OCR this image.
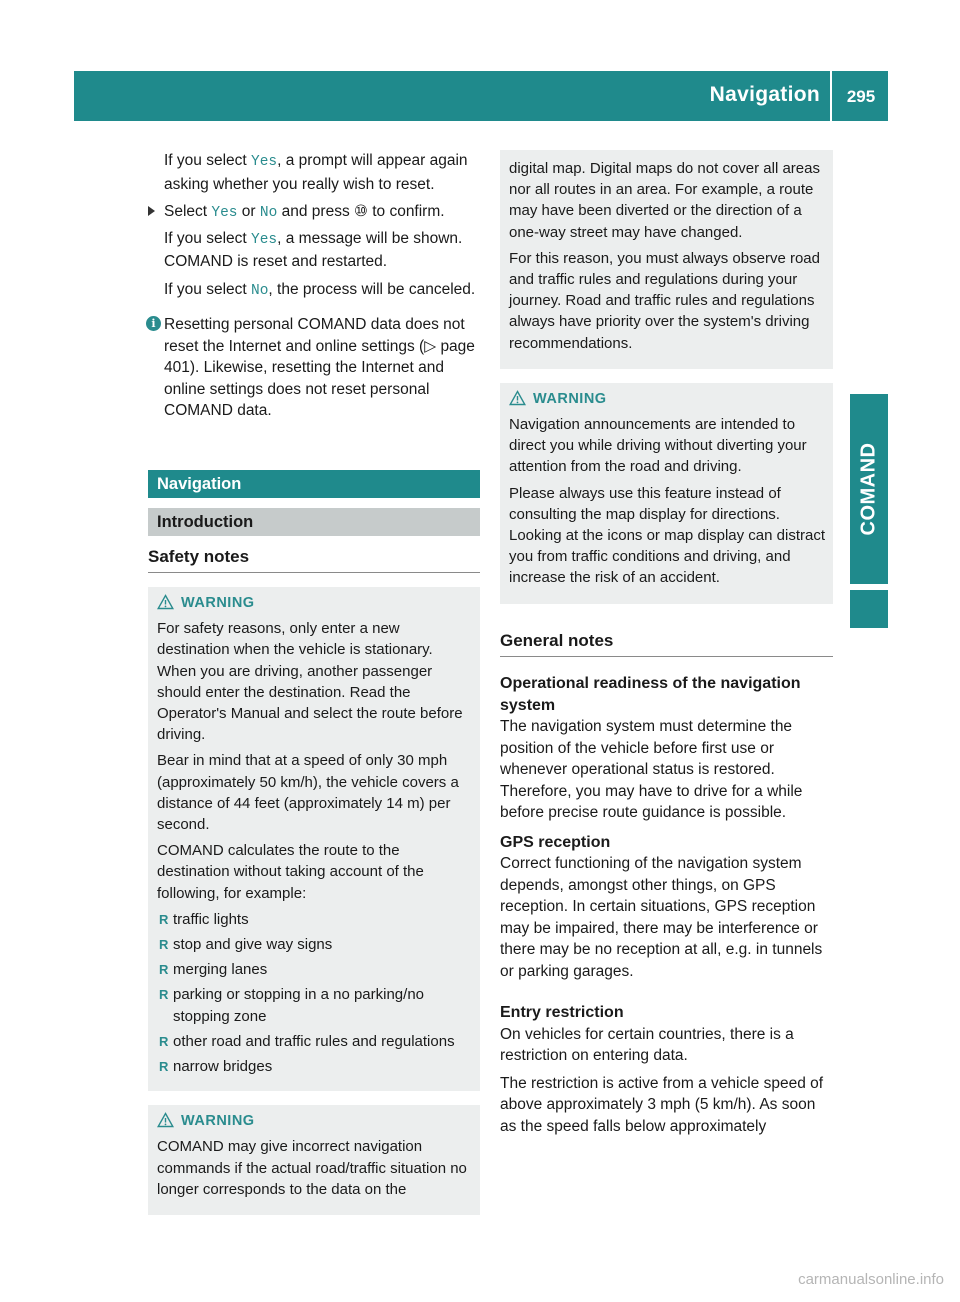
Navigation	295
COMAND

If you select Yes, a prompt will appear again asking whether you really wish to reset.

Select Yes or No and press ⑩ to confirm.

If you select Yes, a message will be shown. COMAND is reset and restarted.

If you select No, the process will be canceled.

i Resetting personal COMAND data does not reset the Internet and online settings (▷ page 401). Likewise, resetting the Internet and online settings does not reset personal COMAND data.

Navigation
Introduction
Safety notes
WARNING

For safety reasons, only enter a new destination when the vehicle is stationary. When you are driving, another passenger should enter the destination. Read the Operator's Manual and select the route before driving.

Bear in mind that at a speed of only 30 mph (approximately 50 km/h), the vehicle covers a distance of 44 feet (approximately 14 m) per second.

COMAND calculates the route to the destination without taking account of the following, for example:

R traffic lights
R stop and give way signs
R merging lanes
R parking or stopping in a no parking/no stopping zone
R other road and traffic rules and regulations
R narrow bridges
WARNING

COMAND may give incorrect navigation commands if the actual road/traffic situation no longer corresponds to the data on the

digital map. Digital maps do not cover all areas nor all routes in an area. For example, a route may have been diverted or the direction of a one-way street may have changed.

For this reason, you must always observe road and traffic rules and regulations during your journey. Road and traffic rules and regulations always have priority over the system's driving recommendations.

WARNING

Navigation announcements are intended to direct you while driving without diverting your attention from the road and driving.

Please always use this feature instead of consulting the map display for directions. Looking at the icons or map display can distract you from traffic conditions and driving, and increase the risk of an accident.

General notes

Operational readiness of the navigation system

The navigation system must determine the position of the vehicle before first use or whenever operational status is restored. Therefore, you may have to drive for a while before precise route guidance is possible.

GPS reception

Correct functioning of the navigation system depends, amongst other things, on GPS reception. In certain situations, GPS reception may be impaired, there may be interference or there may be no reception at all, e.g. in tunnels or parking garages.

Entry restriction

On vehicles for certain countries, there is a restriction on entering data.

The restriction is active from a vehicle speed of above approximately 3 mph (5 km/h). As soon as the speed falls below approximately

carmanualsonline.info
